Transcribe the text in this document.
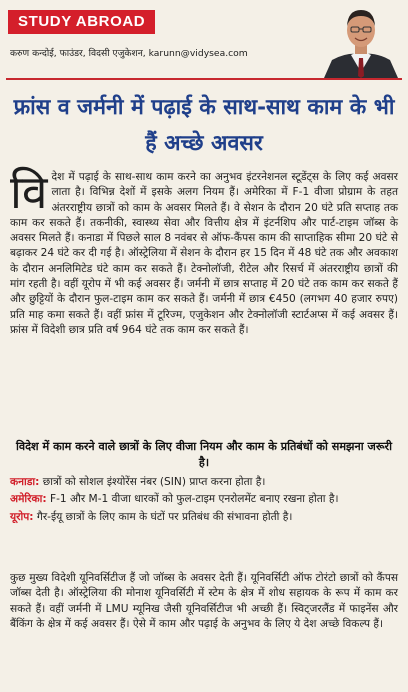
STUDY ABROAD
करुण कन्दोई, फाउंडर, विदसी एजुकेशन, karunn@vidysea.com
फ्रांस व जर्मनी में पढ़ाई के साथ-साथ काम के भी हैं अच्छे अवसर
वि देश में पढ़ाई के साथ-साथ काम करने का अनुभव इंटरनेशनल स्टूडेंट्स के लिए कई अवसर लाता है। विभिन्न देशों में इसके अलग नियम हैं। अमेरिका में F-1 वीजा प्रोग्राम के तहत अंतरराष्ट्रीय छात्रों को काम के अवसर मिलते हैं। वे सेशन के दौरान 20 घंटे प्रति सप्ताह तक काम कर सकते हैं। तकनीकी, स्वास्थ्य सेवा और वित्तीय क्षेत्र में इंटर्नशिप और पार्ट-टाइम जॉब्स के अवसर मिलते हैं। कनाडा में पिछले साल 8 नवंबर से ऑफ-कैंपस काम की साप्ताहिक सीमा 20 घंटे से बढ़ाकर 24 घंटे कर दी गई है। ऑस्ट्रेलिया में सेशन के दौरान हर 15 दिन में 48 घंटे तक और अवकाश के दौरान अनलिमिटेड घंटे काम कर सकते हैं। टेक्नोलॉजी, रीटेल और रिसर्च में अंतरराष्ट्रीय छात्रों की मांग रहती है। वहीं यूरोप में भी कई अवसर हैं। जर्मनी में छात्र सप्ताह में 20 घंटे तक काम कर सकते हैं और छुट्टियों के दौरान फुल-टाइम काम कर सकते हैं। जर्मनी में छात्र €450 (लगभग 40 हजार रुपए) प्रति माह कमा सकते हैं। वहीं फ्रांस में टूरिज्म, एजुकेशन और टेक्नोलॉजी स्टार्टअप्स में कई अवसर हैं। फ्रांस में विदेशी छात्र प्रति वर्ष 964 घंटे तक काम कर सकते हैं।
विदेश में काम करने वाले छात्रों के लिए वीजा नियम और काम के प्रतिबंधों को समझना जरूरी है।

कनाडा: छात्रों को सोशल इंश्योरेंस नंबर (SIN) प्राप्त करना होता है।

अमेरिका: F-1 और M-1 वीजा धारकों को फुल-टाइम एनरोलमेंट बनाए रखना होता है।

यूरोप: गैर-ईयू छात्रों के लिए काम के घंटों पर प्रतिबंध की संभावना होती है।

कुछ मुख्य विदेशी यूनिवर्सिटीज हैं जो जॉब्स के अवसर देती हैं। यूनिवर्सिटी ऑफ टोरंटो छात्रों को कैंपस जॉब्स देती है। ऑस्ट्रेलिया की मोनाश यूनिवर्सिटी में स्टेम के क्षेत्र में शोध सहायक के रूप में काम कर सकते हैं। वहीं जर्मनी में LMU म्यूनिख जैसी यूनिवर्सिटीज भी अच्छी हैं। स्विट्जरलैंड में फाइनेंस और बैंकिंग के क्षेत्र में कई अवसर हैं। ऐसे में काम और पढ़ाई के अनुभव के लिए ये देश अच्छे विकल्प हैं।
